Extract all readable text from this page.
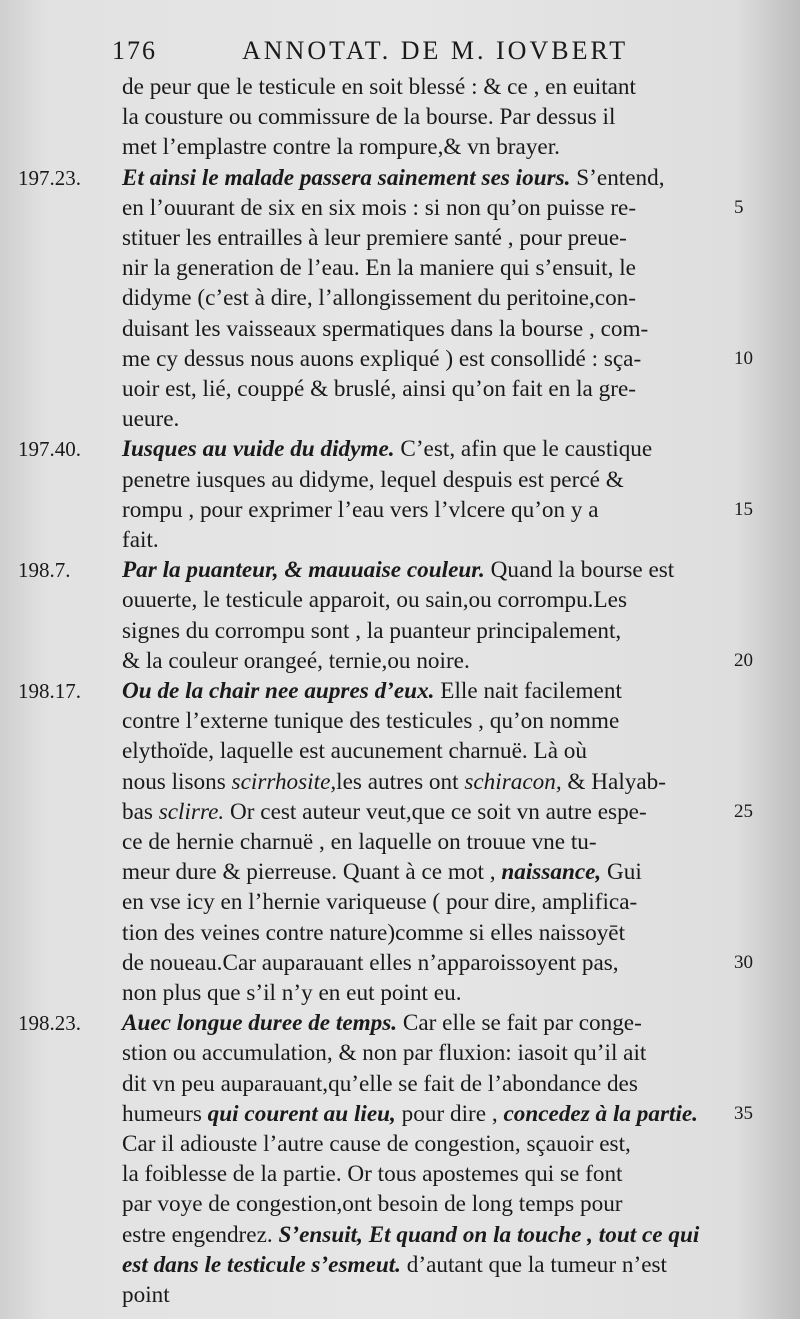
176	ANNOTAT. DE M. IOVBERT
de peur que le testicule en soit blessé : & ce , en euitant
la cousture ou commissure de la bourse. Par dessus il
met l’emplastre contre la rompure,& vn brayer.
197.23.	Et ainsi le malade passera sainement ses iours. S’entend,
en l’ouurant de six en six mois : si non qu’on puisse re-	5
stituer les entrailles à leur premiere santé , pour preue-
nir la generation de l’eau. En la maniere qui s’ensuit, le
didyme (c’est à dire, l’allongissement du peritoine,con-
duisant les vaisseaux spermatiques dans la bourse , com-
me cy dessus nous auons expliqué ) est consollidé : sça-	10
uoir est, lié, couppé & bruslé, ainsi qu’on fait en la gre-
ueure.
197.40.	Iusques au vuide du didyme. C’est, afin que le caustique
penetre iusques au didyme, lequel despuis est percé &
rompu , pour exprimer l’eau vers l’vlcere qu’on y a	15
fait.
198.7.	Par la puanteur, & mauuaise couleur. Quand la bourse est
ouuerte, le testicule apparoit, ou sain,ou corrompu.Les
signes du corrompu sont , la puanteur principalement,
& la couleur orangeé, ternie,ou noire.	20
198.17.	Ou de la chair nee aupres d’eux. Elle nait facilement
contre l’externe tunique des testicules , qu’on nomme
elythoïde, laquelle est aucunement charnuë. Là où
nous lisons scirrhosite,les autres ont schiracon, & Halyab-
bas sclirre. Or cest auteur veut,que ce soit vn autre espe-	25
ce de hernie charnuë , en laquelle on trouue vne tu-
meur dure & pierreuse. Quant à ce mot , naissance, Gui
en vse icy en l’hernie variqueuse ( pour dire, amplifica-
tion des veines contre nature)comme si elles naissoyēt
de noueau.Car auparauant elles n’apparoissoyent pas,	30
non plus que s’il n’y en eut point eu.
198.23.	Auec longue duree de temps. Car elle se fait par conge-
stion ou accumulation, & non par fluxion: iasoit qu’il ait
dit vn peu auparauant,qu’elle se fait de l’abondance des
humeurs qui courent au lieu, pour dire , concedez à la partie.	35
Car il adiouste l’autre cause de congestion, sçauoir est,
la foiblesse de la partie. Or tous apostemes qui se font
par voye de congestion,ont besoin de long temps pour
estre engendrez. S’ensuit, Et quand on la touche , tout ce qui
est dans le testicule s’esmeut. d’autant que la tumeur n’est
point
